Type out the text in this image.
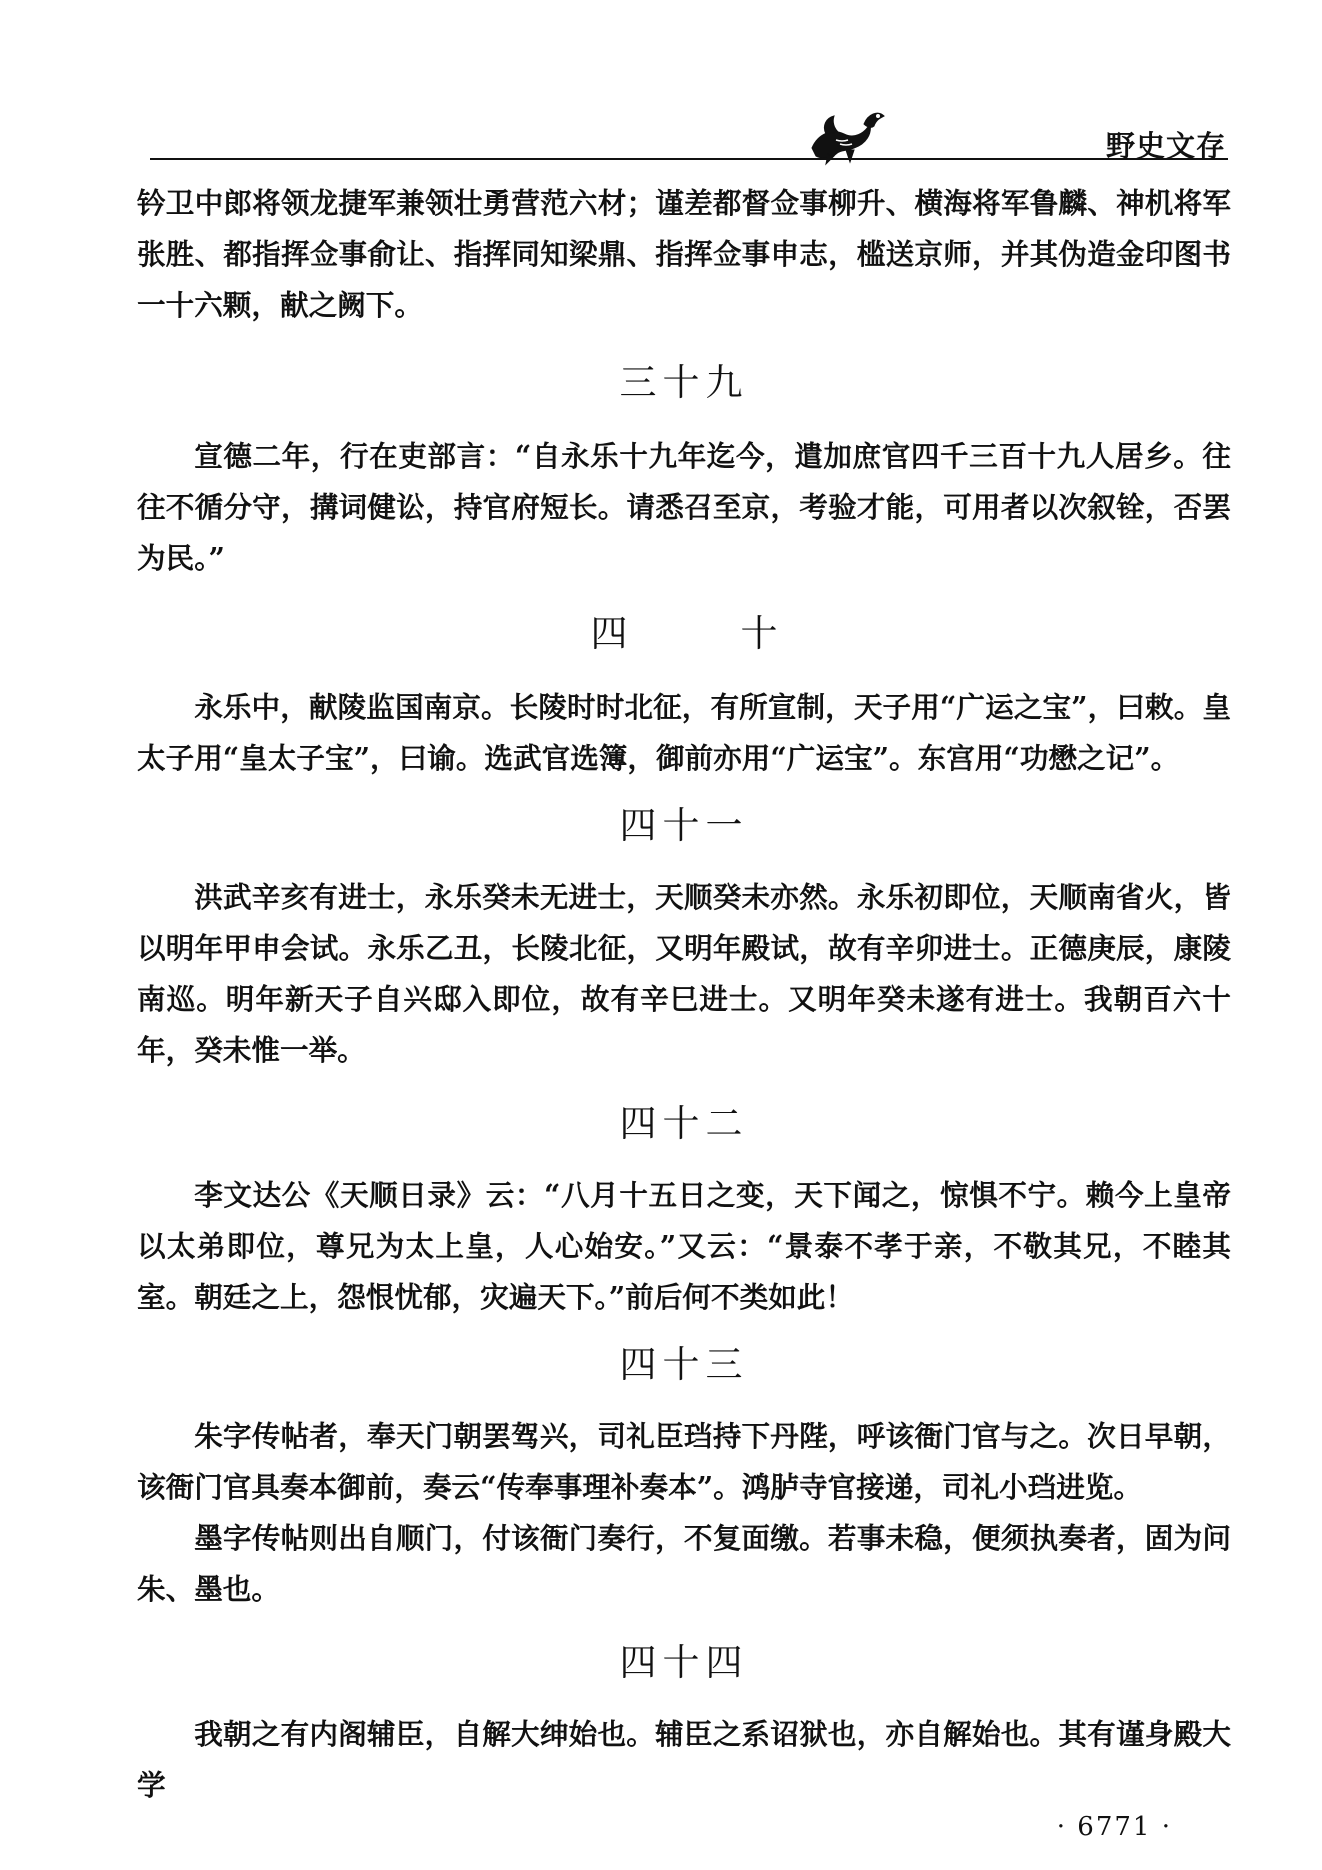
野史文存

钤卫中郎将领龙捷军兼领壮勇营范六材；谨差都督佥事柳升、横海将军鲁麟、神机将军张胜、都指挥佥事俞让、指挥同知梁鼎、指挥佥事申志，槛送京师，并其伪造金印图书一十六颗，献之阙下。

三十九

宣德二年，行在吏部言：“自永乐十九年迄今，遣加庶官四千三百十九人居乡。往往不循分守，搆词健讼，持官府短长。请悉召至京，考验才能，可用者以次叙铨，否罢为民。”

四　十

永乐中，献陵监国南京。长陵时时北征，有所宣制，天子用“广运之宝”，曰敕。皇太子用“皇太子宝”，曰谕。选武官选簿，御前亦用“广运宝”。东宫用“功懋之记”。

四十一

洪武辛亥有进士，永乐癸未无进士，天顺癸未亦然。永乐初即位，天顺南省火，皆以明年甲申会试。永乐乙丑，长陵北征，又明年殿试，故有辛卯进士。正德庚辰，康陵南巡。明年新天子自兴邸入即位，故有辛巳进士。又明年癸未遂有进士。我朝百六十年，癸未惟一举。

四十二

李文达公《天顺日录》云：“八月十五日之变，天下闻之，惊惧不宁。赖今上皇帝以太弟即位，尊兄为太上皇，人心始安。”又云：“景泰不孝于亲，不敬其兄，不睦其室。朝廷之上，怨恨忧郁，灾遍天下。”前后何不类如此！

四十三

朱字传帖者，奉天门朝罢驾兴，司礼臣珰持下丹陛，呼该衙门官与之。次日早朝，该衙门官具奏本御前，奏云“传奉事理补奏本”。鸿胪寺官接递，司礼小珰进览。

墨字传帖则出自顺门，付该衙门奏行，不复面缴。若事未稳，便须执奏者，固为问朱、墨也。

四十四

我朝之有内阁辅臣，自解大绅始也。辅臣之系诏狱也，亦自解始也。其有谨身殿大学

· 6771 ·
